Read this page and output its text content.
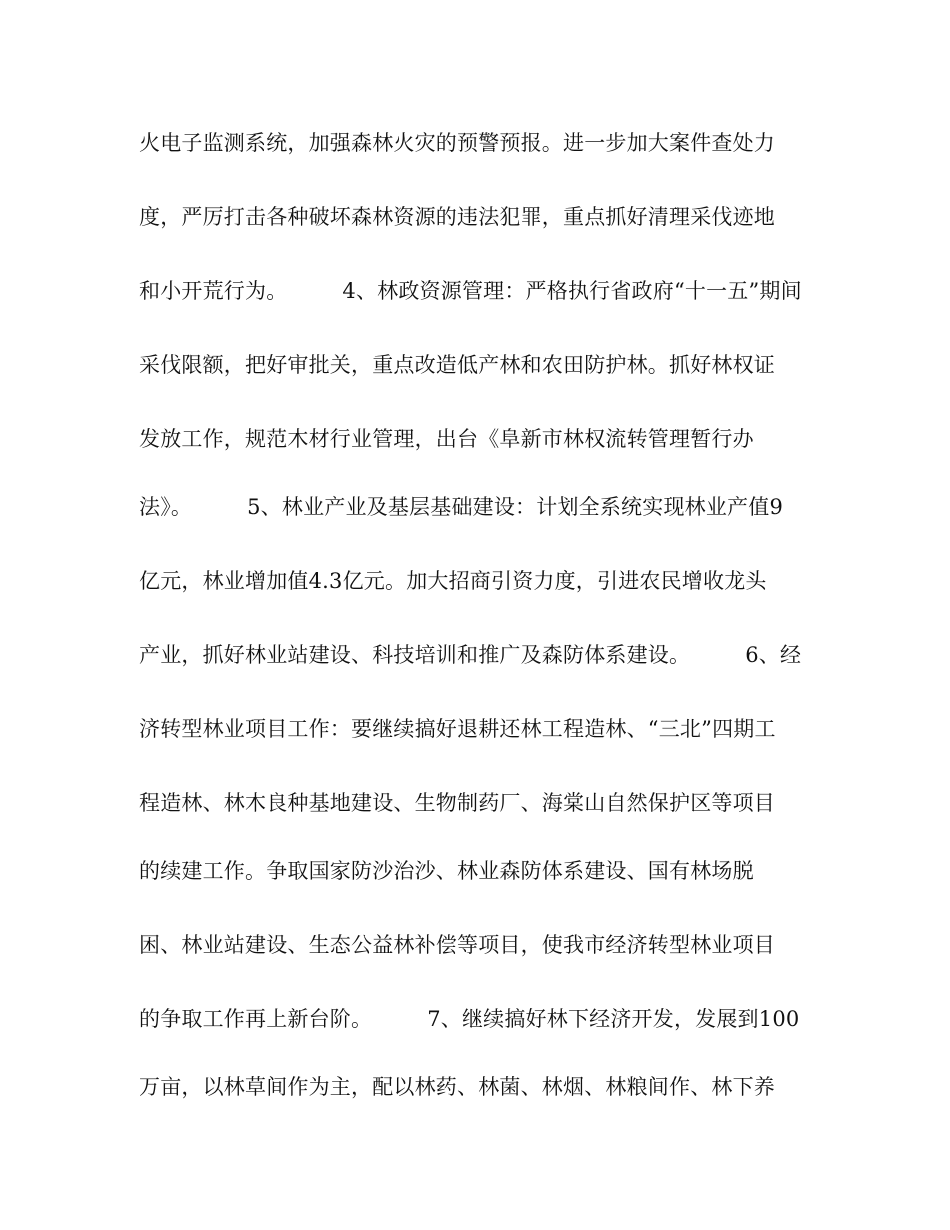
火电子监测系统，加强森林火灾的预警预报。进一步加大案件查处力
度，严厉打击各种破坏森林资源的违法犯罪，重点抓好清理采伐迹地
和小开荒行为。        4、林政资源管理：严格执行省政府“十一五”期间
采伐限额，把好审批关，重点改造低产林和农田防护林。抓好林权证
发放工作，规范木材行业管理，出台《阜新市林权流转管理暂行办
法》。        5、林业产业及基层基础建设：计划全系统实现林业产值9
亿元，林业增加值4.3亿元。加大招商引资力度，引进农民增收龙头
产业，抓好林业站建设、科技培训和推广及森防体系建设。        6、经
济转型林业项目工作：要继续搞好退耕还林工程造林、“三北”四期工
程造林、林木良种基地建设、生物制药厂、海棠山自然保护区等项目
的续建工作。争取国家防沙治沙、林业森防体系建设、国有林场脱
困、林业站建设、生态公益林补偿等项目，使我市经济转型林业项目
的争取工作再上新台阶。        7、继续搞好林下经济开发，发展到100
万亩，以林草间作为主，配以林药、林菌、林烟、林粮间作、林下养
